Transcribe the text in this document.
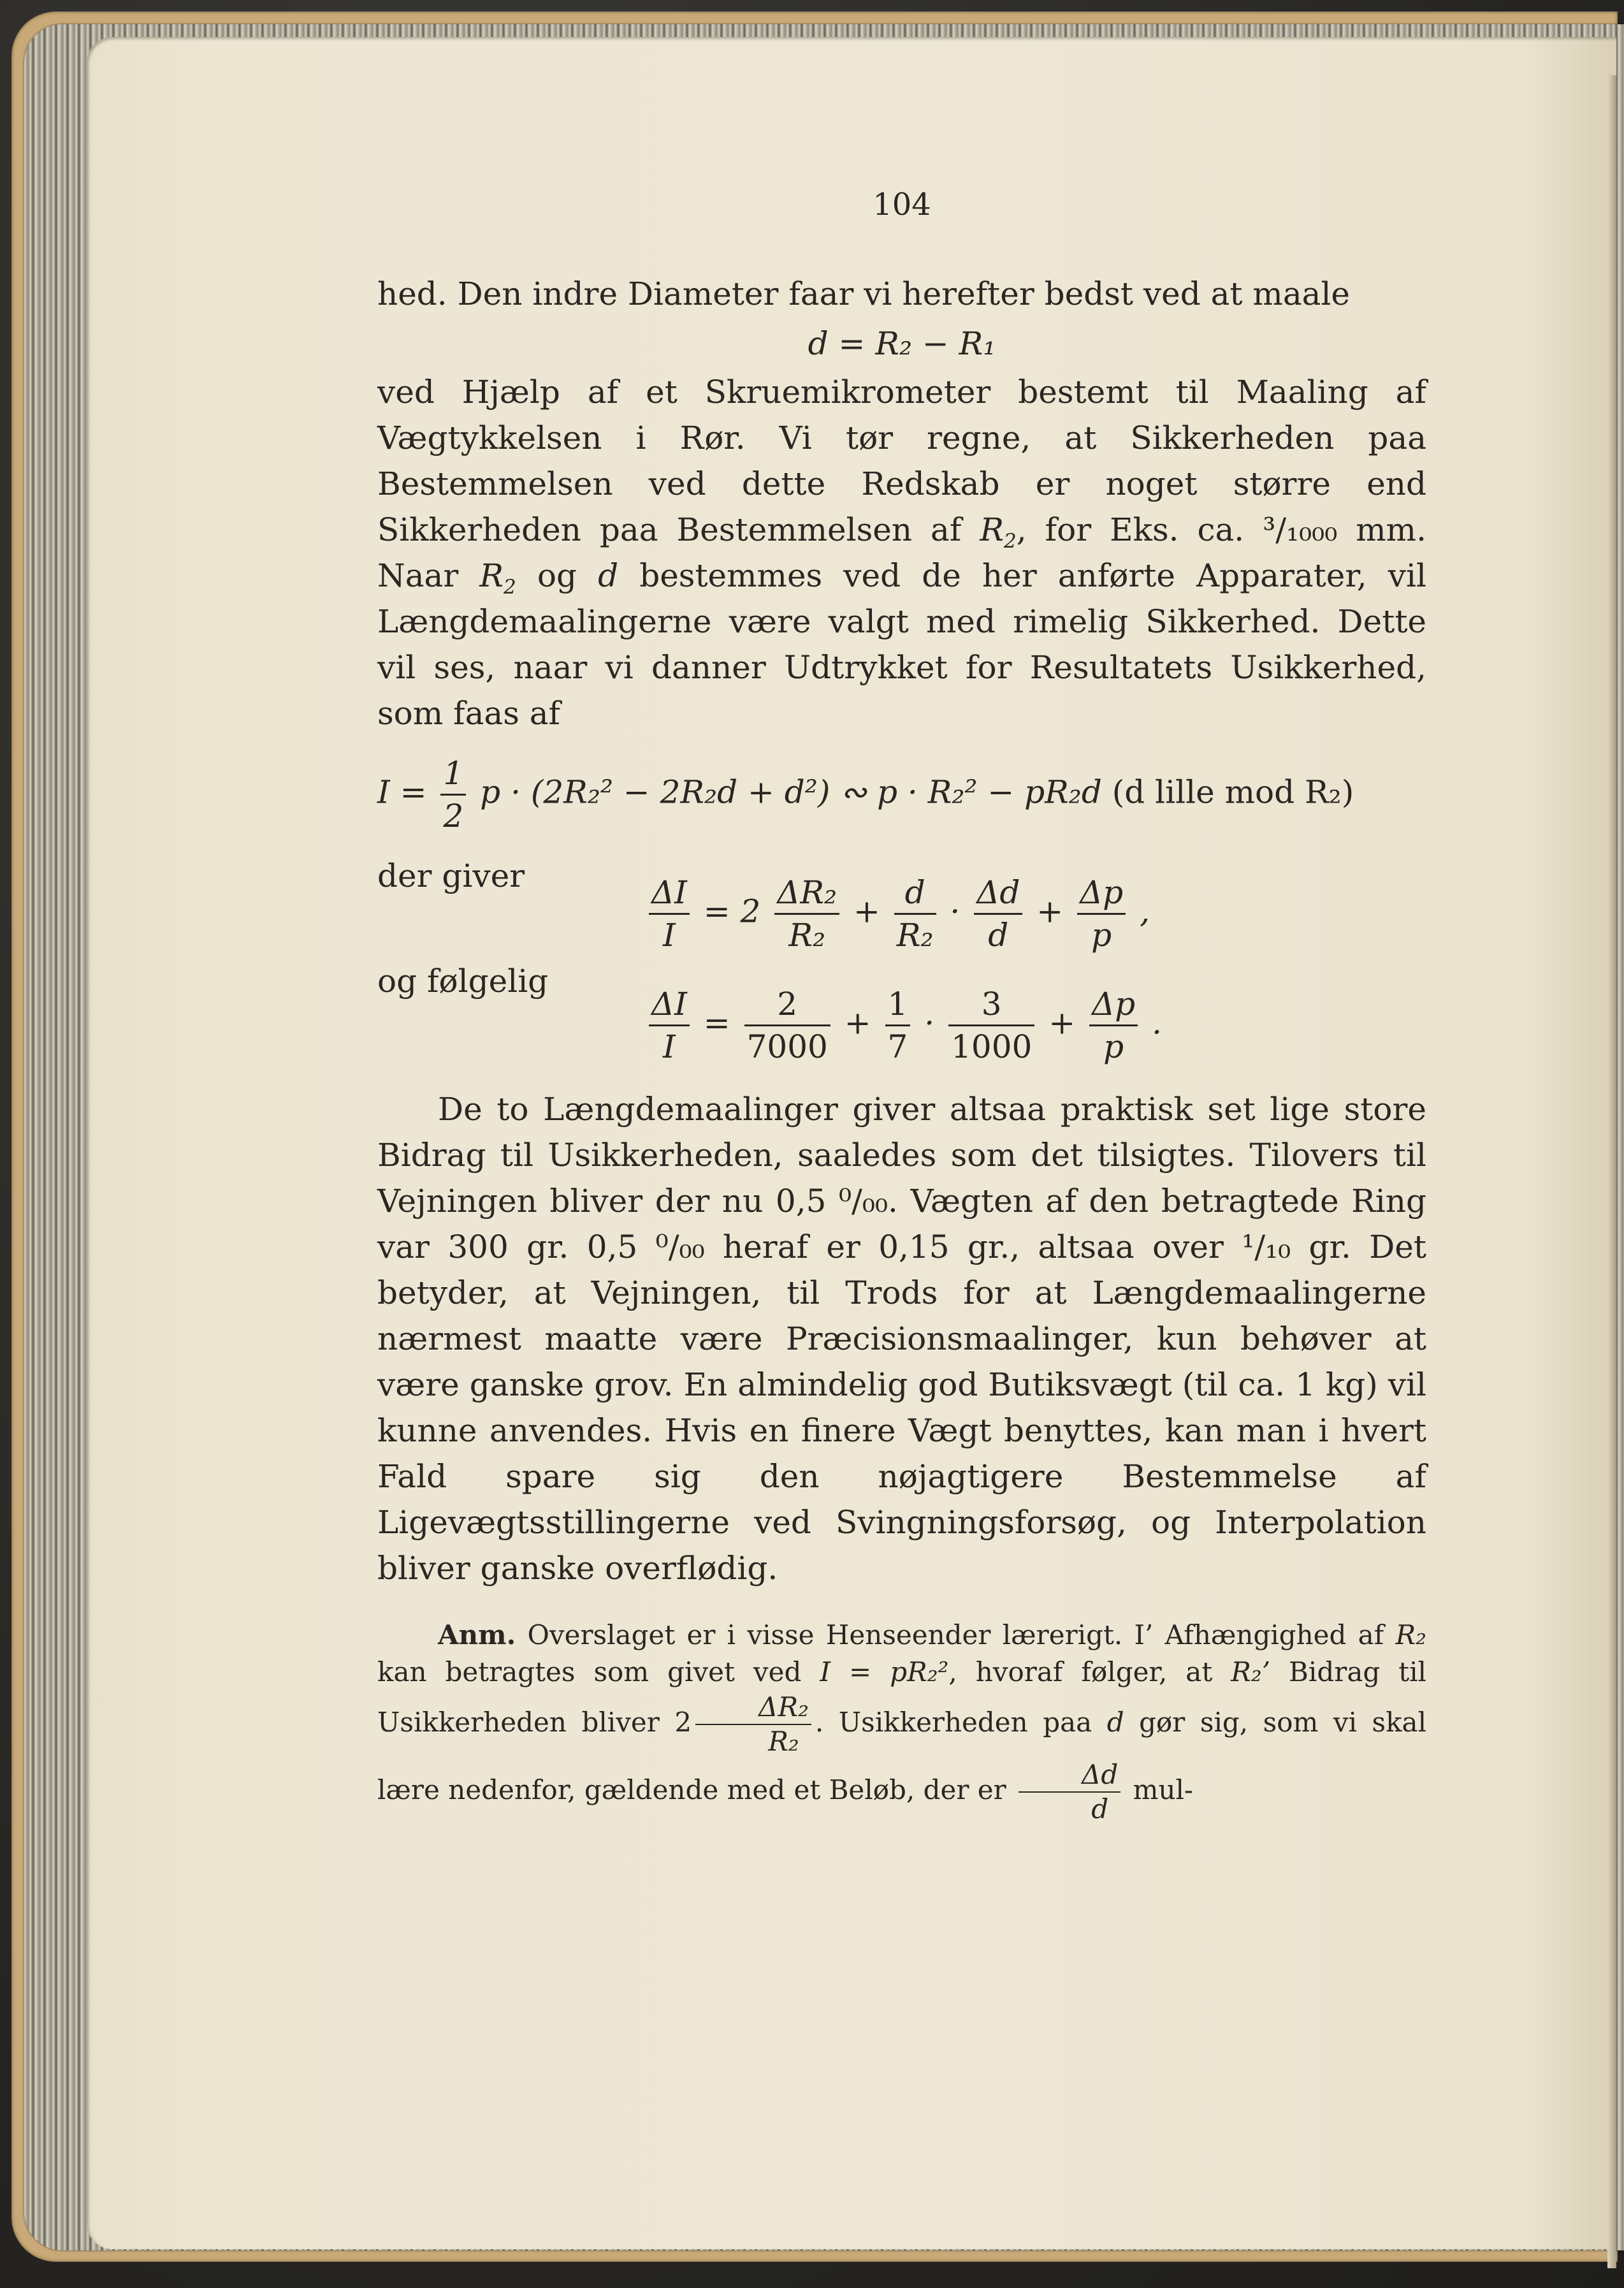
104

hed. Den indre Diameter faar vi herefter bedst ved at maale

d = R₂ − R₁

ved Hjælp af et Skruemikrometer bestemt til Maaling af Vægtykkelsen i Rør. Vi tør regne, at Sikkerheden paa Bestemmelsen ved dette Redskab er noget større end Sikkerheden paa Bestemmelsen af $R_2$, for Eks. ca. ³/₁₀₀₀ mm. Naar $R_2$ og d bestemmes ved de her anførte Apparater, vil Længdemaalingerne være valgt med rimelig Sikkerhed. Dette vil ses, naar vi danner Udtrykket for Resultatets Usikkerhed, som faas af

$I = \frac{1}{2}$ p · (2R₂² − 2R₂d + d²) ∾ p · R₂² − pR₂d (d lille mod R₂)
der giver	$\frac{\Delta I}{I} = 2 \frac{\text{ΔR₂}}{\text{R₂}} + \frac{d}{\text{R₂}} \cdot \frac{\Delta d}{d} + \frac{\Delta p}{p}$ ,
og følgelig
$\frac{\Delta I}{I} = \frac{2}{7000} + \frac{1}{7} \cdot \frac{3}{1000} + \frac{\Delta p}{p}$ .

De to Længdemaalinger giver altsaa praktisk set lige store Bidrag til Usikkerheden, saaledes som det tilsigtes. Tilovers til Vejningen bliver der nu 0,5 ⁰/₀₀. Vægten af den betragtede Ring var 300 gr. 0,5 ⁰/₀₀ heraf er 0,15 gr., altsaa over ¹/₁₀ gr. Det betyder, at Vejningen, til Trods for at Længdemaalingerne nærmest maatte være Præcisionsmaalinger, kun behøver at være ganske grov. En almindelig god Butiksvægt (til ca. 1 kg) vil kunne anvendes. Hvis en finere Vægt benyttes, kan man i hvert Fald spare sig den nøjagtigere Bestemmelse af Ligevægtsstillingerne ved Svingningsforsøg, og Interpolation bliver ganske overflødig.

Anm. Overslaget er i visse Henseender lærerigt. I’ Afhængighed af R₂ kan betragtes som givet ved I = pR₂², hvoraf følger, at R₂’ Bidrag til Usikkerheden bliver $2 \frac{\text{ΔR₂}}{\text{R₂}}$ . Usikkerheden paa d gør sig, som vi skal lære nedenfor, gældende med et Beløb, der er $\frac{\Delta d}{d} mul-$
